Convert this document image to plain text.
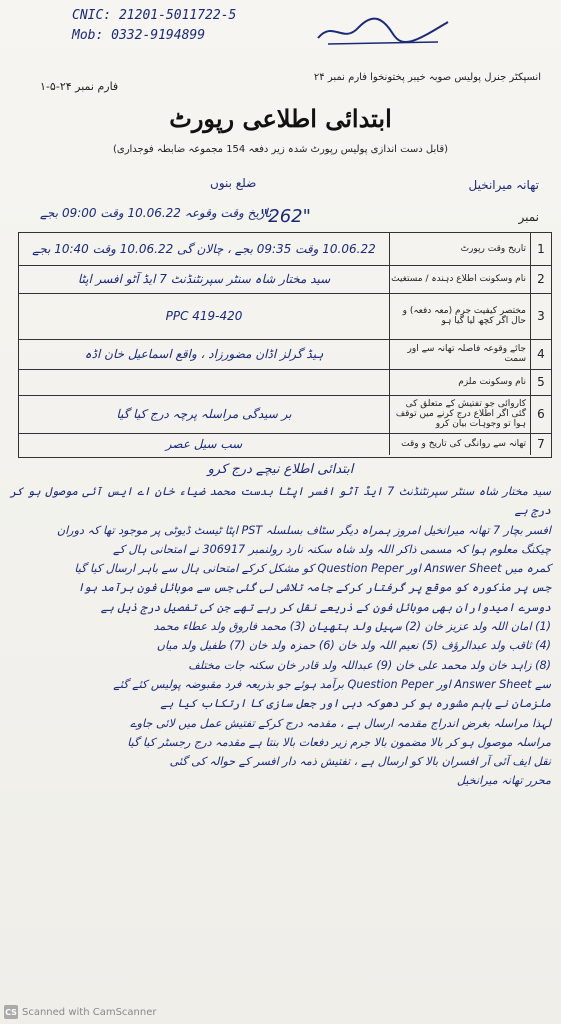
CNIC: 21201-5011722-5
Mob: 0332-9194899
انسپکٹر جنرل پولیس صوبہ خیبر پختونخوا فارم نمبر ۲۴
فارم نمبر ۲۴-۵-۱
ابتدائی اطلاعی رپورٹ
(قابل دست اندازی پولیس رپورٹ شدہ زیر دفعہ 154 مجموعہ ضابطہ فوجداری)
تھانہ میرانخیل
ضلع بنوں
نمبر
"262"
تاریخ وقت وقوعہ 10.06.22 وقت 09:00 بجے
1
تاریخ وقت رپورٹ
10.06.22 وقت 09:35 بجے ، چالان گی 10.06.22 وقت 10:40 بجے
2
نام وسکونت اطلاع دہندہ / مستغیث
سید مختار شاہ سنٹر سپرنٹنڈنٹ 7 ایڈ آٹو افسر اپٹا
3
مختصر کیفیت جرم (معہ دفعہ) و حال اگر کچھ لیا گیا ہو
PPC 419-420
4
جائے وقوعہ فاصلہ تھانہ سے اور سمت
ہیڈ گرلز اڈان مضورزاد ، واقع اسماعیل خان اڈہ
5
نام وسکونت ملزم
6
کاروائی جو تفتیش کے متعلق کی گئی اگر اطلاع درج کرنے میں توقف ہوا تو وجوہات بیان کرو
بر سیدگی مراسلہ پرچہ درج کیا گیا
7
تھانہ سے روانگی کی تاریخ و وقت
سب سیل عصر
ابتدائی اطلاع نیچے درج کرو

سید مختار شاہ سنٹر سپرنٹنڈنٹ 7 ایڈ آٹو افسر اپٹا بدست محمد ضیاء خان اے ایس آئی موصول ہو کر درج ہے

افسر بچار 7 تھانہ میرانخیل امروز ہمراہ دیگر سٹاف بسلسلہ PST اپٹا ٹیسٹ ڈیوٹی پر موجود تھا کہ دوران

چیکنگ معلوم ہوا کہ مسمی ذاکر اللہ ولد شاہ سکنہ نارد رولنمبر 306917 نے امتحانی ہال کے

کمرہ میں Answer Sheet اور Question Peper کو مشکل کرکے امتحانی ہال سے باہر ارسال کیا گیا

جس پر مذکورہ کو موقع پر گرفتار کرکے جامہ تلاشی لی گئی جس سے موبائل فون برآمد ہوا

دوسرے امیدواران بھی موبائل فون کے ذریعے نقل کر رہے تھے جن کی تفصیل درج ذیل ہے

(1) امان اللہ ولد عزیز خان (2) سہیل ولد ہتھیان (3) محمد فاروق ولد عطاء محمد

(4) ثاقب ولد عبدالرؤف (5) نعیم اللہ ولد خان (6) حمزہ ولد خان (7) طفیل ولد میاں

(8) زاہد خان ولد محمد علی خان (9) عبداللہ ولد قادر خان سکنہ جات مختلف

سے Answer Sheet اور Question Peper برآمد ہوئے جو بذریعہ فرد مقبوضہ پولیس کئے گئے

ملزمان نے باہم مشورہ ہو کر دھوکہ دہی اور جعل سازی کا ارتکاب کیا ہے

لہذا مراسلہ بغرض اندراج مقدمہ ارسال ہے ، مقدمہ درج کرکے تفتیش عمل میں لائی جاوے

مراسلہ موصول ہو کر بالا مضمون بالا جرم زیر دفعات بالا بنتا ہے مقدمہ درج رجسٹر کیا گیا

نقل ایف آئی آر افسران بالا کو ارسال ہے ، تفتیش ذمہ دار افسر کے حوالہ کی گئی

محرر تھانہ میرانخیل

CS Scanned with CamScanner
